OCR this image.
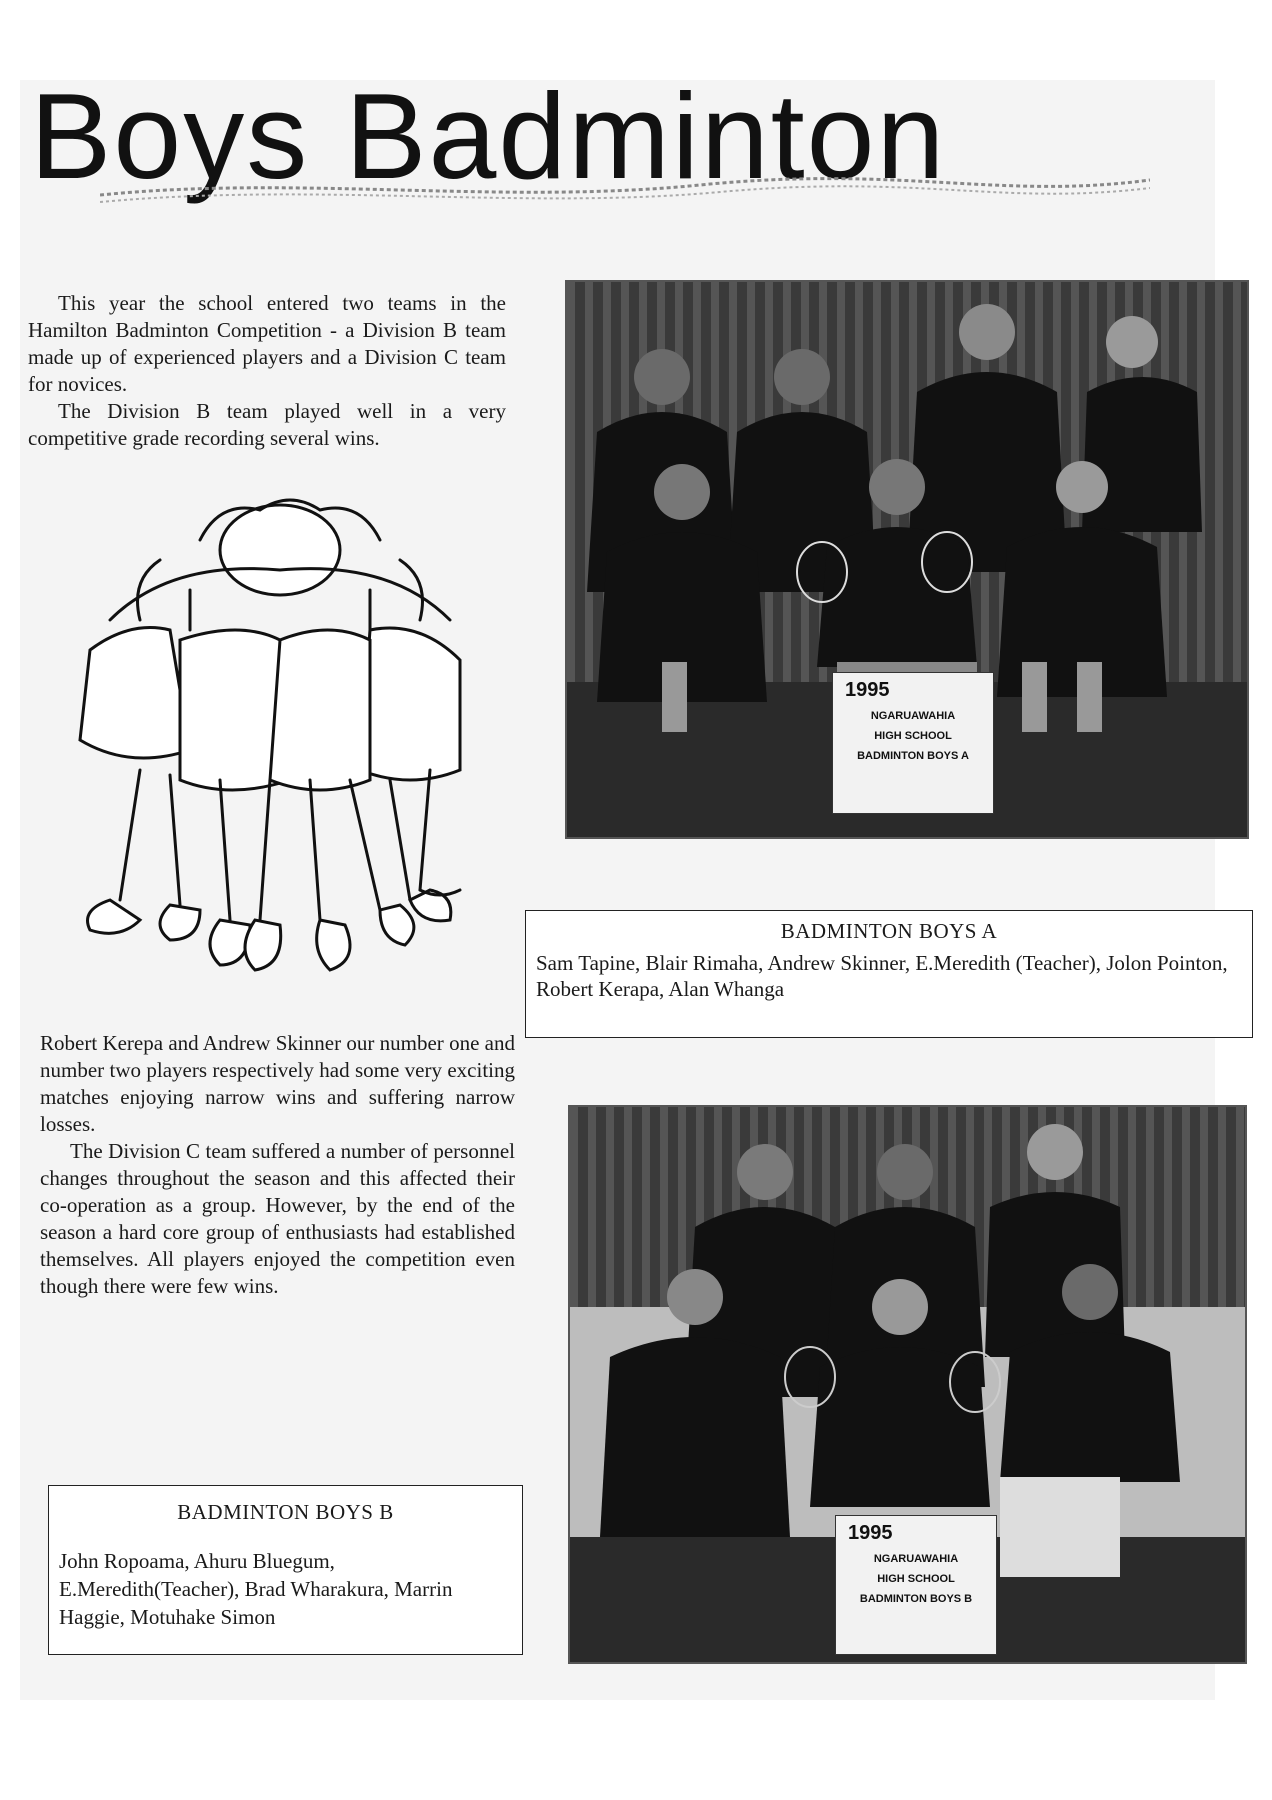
Boys Badminton

This year the school entered two teams in the Hamilton Badminton Competition - a Division B team made up of experienced players and a Division C team for novices.

The Division B team played well in a very competitive grade recording several wins.

Robert Kerepa and Andrew Skinner our number one and number two players respectively had some very exciting matches enjoying narrow wins and suffering narrow losses.

The Division C team suffered a number of personnel changes throughout the season and this affected their co-operation as a group. However, by the end of the season a hard core group of enthusiasts had established themselves. All players enjoyed the competition even though there were few wins.

1995
NGARUAWAHIA
HIGH SCHOOL
BADMINTON BOYS A
BADMINTON BOYS A
Sam Tapine, Blair Rimaha, Andrew Skinner, E.Meredith (Teacher), Jolon Pointon, Robert Kerapa, Alan Whanga
1995
NGARUAWAHIA
HIGH SCHOOL
BADMINTON BOYS B
BADMINTON BOYS B
John Ropoama, Ahuru Bluegum, E.Meredith(Teacher), Brad Wharakura, Marrin Haggie, Motuhake Simon
